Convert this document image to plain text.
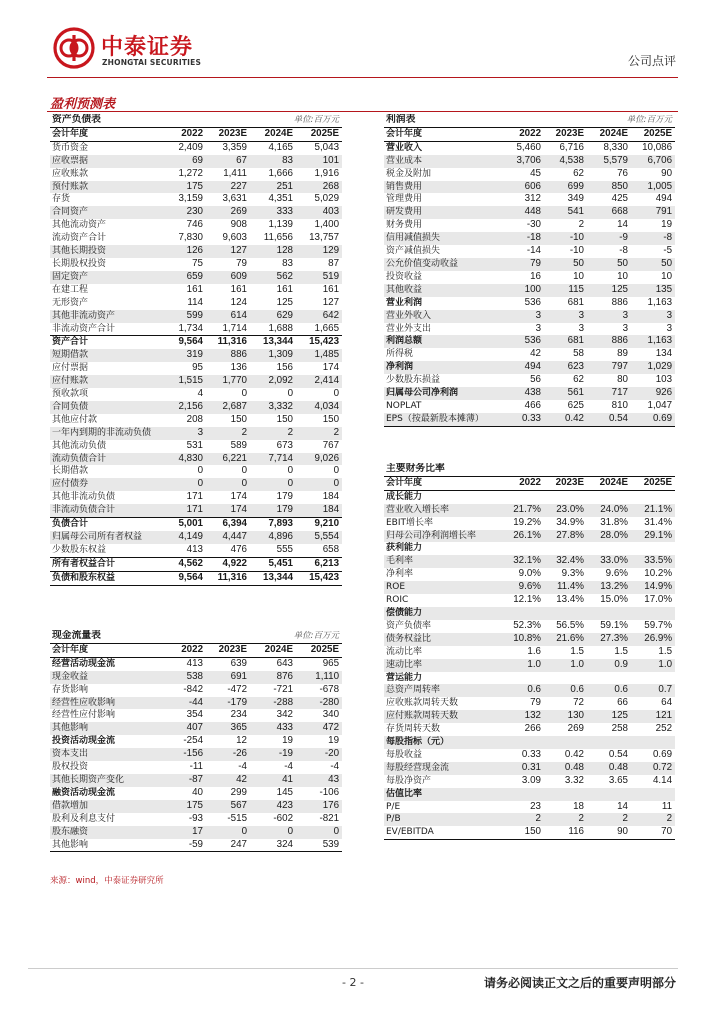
中泰证券
ZHONGTAI SECURITIES	公司点评
盈利预测表
资产负债表		单位:百万元		
会计年度	2022	2023E	2024E	2025E
货币资金	2,409	3,359	4,165	5,043
应收票据	69	67	83	101
应收账款	1,272	1,411	1,666	1,916
预付账款	175	227	251	268
存货	3,159	3,631	4,351	5,029
合同资产	230	269	333	403
其他流动资产	746	908	1,139	1,400
流动资产合计	7,830	9,603	11,656	13,757
其他长期投资	126	127	128	129
长期股权投资	75	79	83	87
固定资产	659	609	562	519
在建工程	161	161	161	161
无形资产	114	124	125	127
其他非流动资产	599	614	629	642
非流动资产合计	1,734	1,714	1,688	1,665
资产合计	9,564	11,316	13,344	15,423
短期借款	319	886	1,309	1,485
应付票据	95	136	156	174
应付账款	1,515	1,770	2,092	2,414
预收款项	4	0	0	0
合同负债	2,156	2,687	3,332	4,034
其他应付款	208	150	150	150
一年内到期的非流动负债	3	2	2	2
其他流动负债	531	589	673	767
流动负债合计	4,830	6,221	7,714	9,026
长期借款	0	0	0	0
应付债券	0	0	0	0
其他非流动负债	171	174	179	184
非流动负债合计	171	174	179	184
负债合计	5,001	6,394	7,893	9,210
归属母公司所有者权益	4,149	4,447	4,896	5,554
少数股东权益	413	476	555	658
所有者权益合计	4,562	4,922	5,451	6,213
负债和股东权益	9,564	11,316	13,344	15,423
现金流量表		单位:百万元		
会计年度	2022	2023E	2024E	2025E
经营活动现金流	413	639	643	965
现金收益	538	691	876	1,110
存货影响	-842	-472	-721	-678
经营性应收影响	-44	-179	-288	-280
经营性应付影响	354	234	342	340
其他影响	407	365	433	472
投资活动现金流	-254	12	19	19
资本支出	-156	-26	-19	-20
股权投资	-11	-4	-4	-4
其他长期资产变化	-87	42	41	43
融资活动现金流	40	299	145	-106
借款增加	175	567	423	176
股利及利息支付	-93	-515	-602	-821
股东融资	17	0	0	0
其他影响	-59	247	324	539
利润表		单位:百万元		
会计年度	2022	2023E	2024E	2025E
营业收入	5,460	6,716	8,330	10,086
营业成本	3,706	4,538	5,579	6,706
税金及附加	45	62	76	90
销售费用	606	699	850	1,005
管理费用	312	349	425	494
研发费用	448	541	668	791
财务费用	-30	2	14	19
信用减值损失	-18	-10	-9	-8
资产减值损失	-14	-10	-8	-5
公允价值变动收益	79	50	50	50
投资收益	16	10	10	10
其他收益	100	115	125	135
营业利润	536	681	886	1,163
营业外收入	3	3	3	3
营业外支出	3	3	3	3
利润总额	536	681	886	1,163
所得税	42	58	89	134
净利润	494	623	797	1,029
少数股东损益	56	62	80	103
归属母公司净利润	438	561	717	926
NOPLAT	466	625	810	1,047
EPS（按最新股本摊薄）	0.33	0.42	0.54	0.69
主要财务比率				
会计年度	2022	2023E	2024E	2025E
成长能力				
营业收入增长率	21.7%	23.0%	24.0%	21.1%
EBIT增长率	19.2%	34.9%	31.8%	31.4%
归母公司净利润增长率	26.1%	27.8%	28.0%	29.1%
获利能力				
毛利率	32.1%	32.4%	33.0%	33.5%
净利率	9.0%	9.3%	9.6%	10.2%
ROE	9.6%	11.4%	13.2%	14.9%
ROIC	12.1%	13.4%	15.0%	17.0%
偿债能力				
资产负债率	52.3%	56.5%	59.1%	59.7%
债务权益比	10.8%	21.6%	27.3%	26.9%
流动比率	1.6	1.5	1.5	1.5
速动比率	1.0	1.0	0.9	1.0
营运能力				
总资产周转率	0.6	0.6	0.6	0.7
应收账款周转天数	79	72	66	64
应付账款周转天数	132	130	125	121
存货周转天数	266	269	258	252
每股指标（元）				
每股收益	0.33	0.42	0.54	0.69
每股经营现金流	0.31	0.48	0.48	0.72
每股净资产	3.09	3.32	3.65	4.14
估值比率				
P/E	23	18	14	11
P/B	2	2	2	2
EV/EBITDA	150	116	90	70
来源：wind，中泰证券研究所
- 2 -	请务必阅读正文之后的重要声明部分
